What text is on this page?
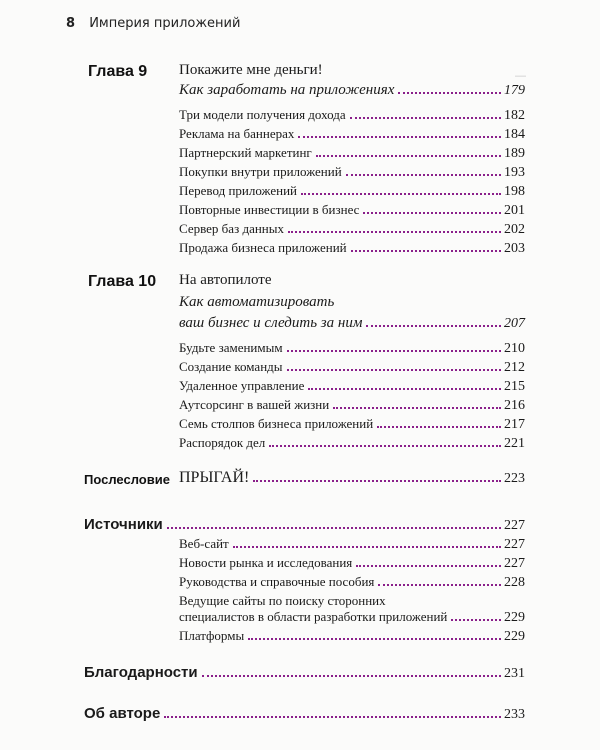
—
8 Империя приложений
Глава 9 Покажите мне деньги!
Как заработать на приложениях	179
Три модели получения дохода	182
Реклама на баннерах	184
Партнерский маркетинг	189
Покупки внутри приложений	193
Перевод приложений	198
Повторные инвестиции в бизнес	201
Сервер баз данных	202
Продажа бизнеса приложений	203
Глава 10 На автопилоте
Как автоматизировать
ваш бизнес и следить за ним	207
Будьте заменимым	210
Создание команды	212
Удаленное управление	215
Аутсорсинг в вашей жизни	216
Семь столпов бизнеса приложений	217
Распорядок дел	221
Послесловие ПРЫГАЙ!	223
Источники	227
Веб-сайт	227
Новости рынка и исследования	227
Руководства и справочные пособия	228
Ведущие сайты по поиску сторонних
специалистов в области разработки приложений	229
Платформы	229
Благодарности	231
Об авторе	233
